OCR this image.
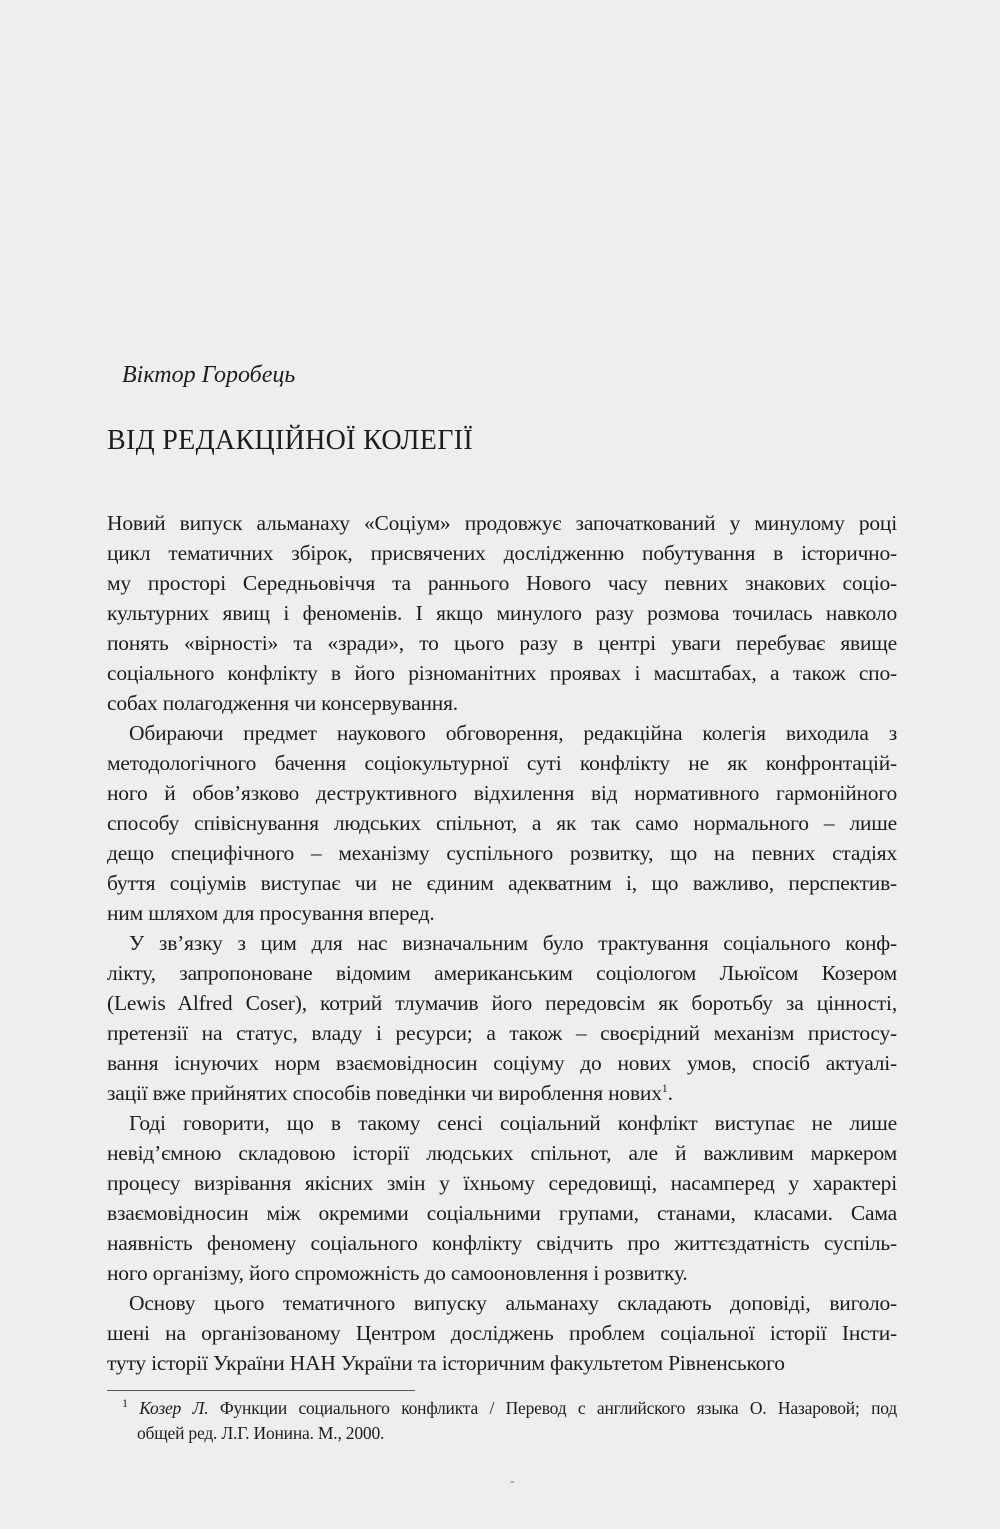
Віктор Горобець
ВІД РЕДАКЦІЙНОЇ КОЛЕГІЇ
Новий випуск альманаху «Соціум» продовжує започаткований у минулому році
цикл тематичних збірок, присвячених дослідженню побутування в історично-
му просторі Середньовіччя та раннього Нового часу певних знакових соціо-
культурних явищ і феноменів. І якщо минулого разу розмова точилась навколо
понять «вірності» та «зради», то цього разу в центрі уваги перебуває явище
соціального конфлікту в його різноманітних проявах і масштабах, а також спо-
собах полагодження чи консервування.
Обираючи предмет наукового обговорення, редакційна колегія виходила з
методологічного бачення соціокультурної суті конфлікту не як конфронтацій-
ного й обов’язково деструктивного відхилення від нормативного гармонійного
способу співіснування людських спільнот, а як так само нормального – лише
дещо специфічного – механізму суспільного розвитку, що на певних стадіях
буття соціумів виступає чи не єдиним адекватним і, що важливо, перспектив-
ним шляхом для просування вперед.
У зв’язку з цим для нас визначальним було трактування соціального конф-
лікту, запропоноване відомим американським соціологом Льюїсом Козером
(Lewis Alfred Coser), котрий тлумачив його передовсім як боротьбу за цінності,
претензії на статус, владу і ресурси; а також – своєрідний механізм пристосу-
вання існуючих норм взаємовідносин соціуму до нових умов, спосіб актуалі-
зації вже прийнятих способів поведінки чи вироблення нових$^1$.
Годі говорити, що в такому сенсі соціальний конфлікт виступає не лише
невід’ємною складовою історії людських спільнот, але й важливим маркером
процесу визрівання якісних змін у їхньому середовищі, насамперед у характері
взаємовідносин між окремими соціальними групами, станами, класами. Сама
наявність феномену соціального конфлікту свідчить про життєздатність суспіль-
ного організму, його спроможність до самооновлення і розвитку.
Основу цього тематичного випуску альманаху складають доповіді, виголо-
шені на організованому Центром досліджень проблем соціальної історії Інсти-
туту історії України НАН України та історичним факультетом Рівненського
$^1$ Козер Л. Функции социального конфликта / Перевод с английского языка О. Назаровой; под
общей ред. Л.Г. Ионина. М., 2000.
-
